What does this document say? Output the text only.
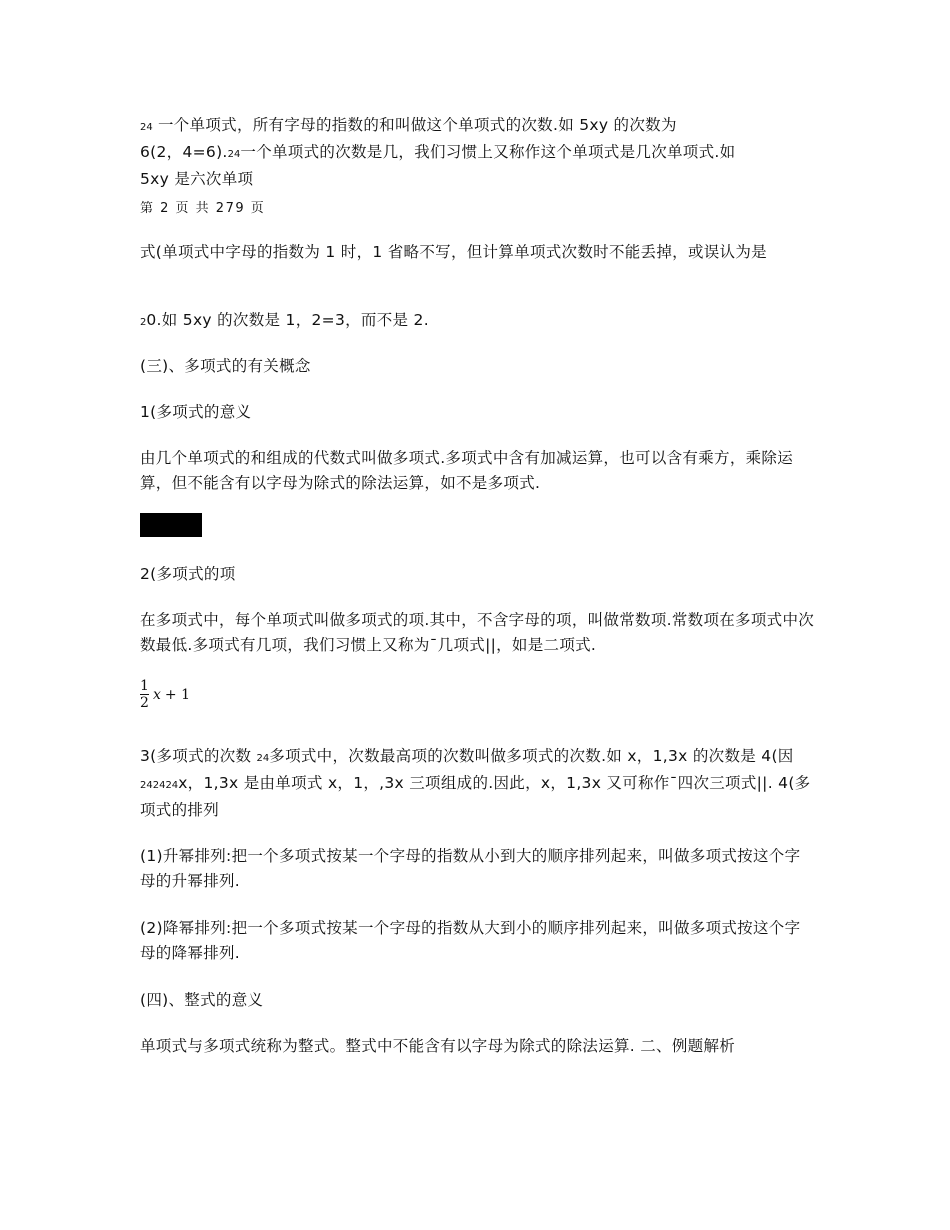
24 一个单项式，所有字母的指数的和叫做这个单项式的次数.如 5xy 的次数为
6(2，4=6).24一个单项式的次数是几，我们习惯上又称作这个单项式是几次单项式.如
5xy 是六次单项

第 2 页 共 279 页

式(单项式中字母的指数为 1 时，1 省略不写，但计算单项式次数时不能丢掉，或误认为是

20.如 5xy 的次数是 1，2=3，而不是 2.

(三)、多项式的有关概念

1(多项式的意义

由几个单项式的和组成的代数式叫做多项式.多项式中含有加减运算，也可以含有乘方，乘除运算，但不能含有以字母为除式的除法运算，如不是多项式.

2(多项式的项

在多项式中，每个单项式叫做多项式的项.其中，不含字母的项，叫做常数项.常数项在多项式中次数最低.多项式有几项，我们习惯上又称为¯几项式||，如是二项式.

$\frac{1}{2}$ x + 1

3(多项式的次数 24多项式中，次数最高项的次数叫做多项式的次数.如 x，1,3x 的次数是 4(因 242424x，1,3x 是由单项式 x，1，,3x 三项组成的.因此，x，1,3x 又可称作¯四次三项式||. 4(多项式的排列

(1)升幂排列:把一个多项式按某一个字母的指数从小到大的顺序排列起来，叫做多项式按这个字母的升幂排列.

(2)降幂排列:把一个多项式按某一个字母的指数从大到小的顺序排列起来，叫做多项式按这个字母的降幂排列.

(四)、整式的意义

单项式与多项式统称为整式。整式中不能含有以字母为除式的除法运算. 二、例题解析
